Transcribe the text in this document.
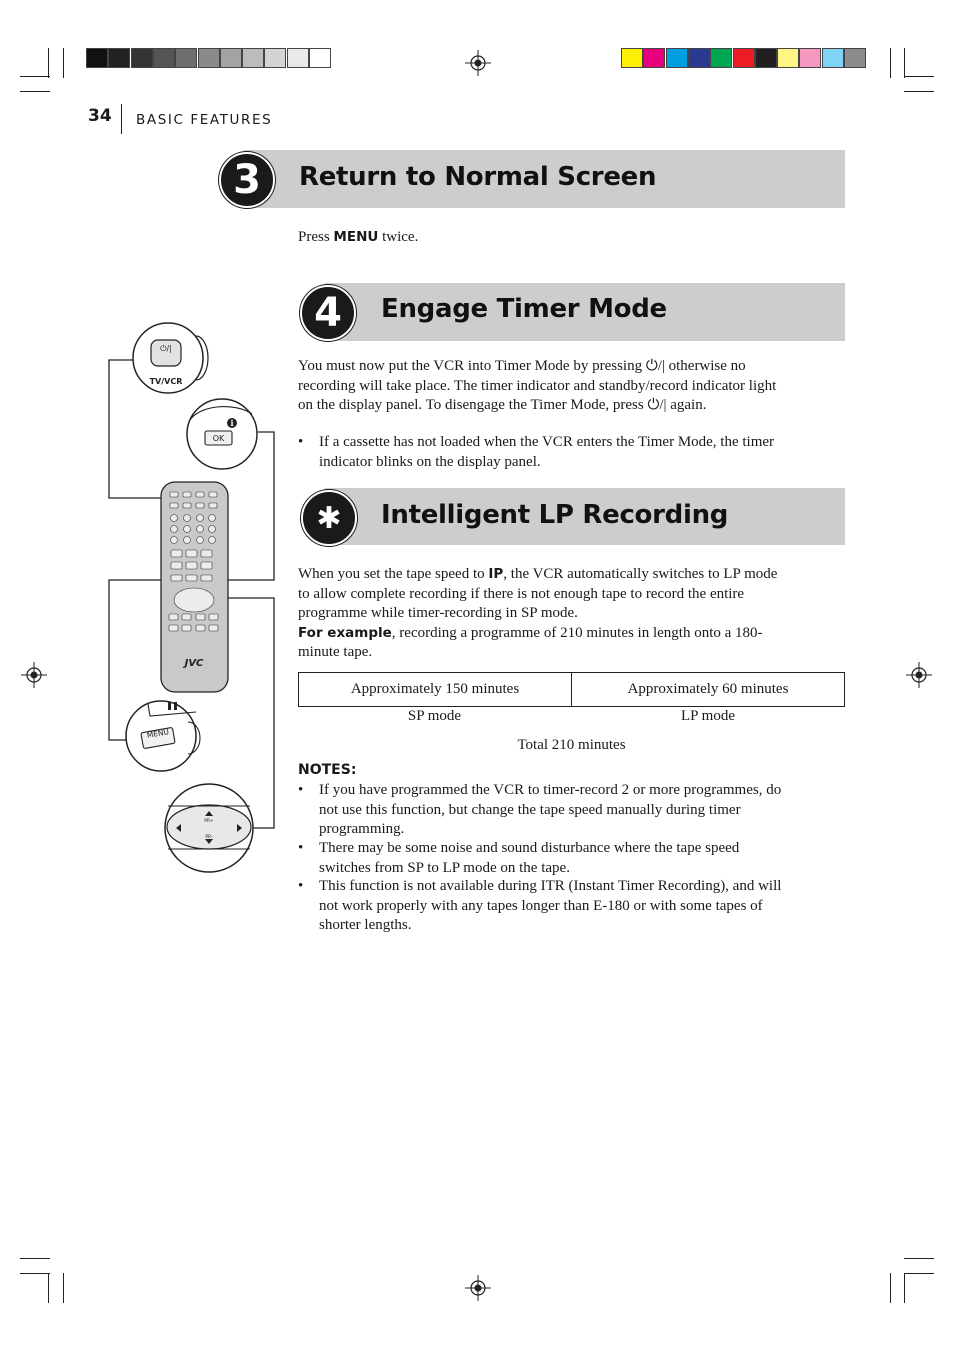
34 BASIC FEATURES
3	Return to Normal Screen
Press MENU twice.
4	Engage Timer Mode
You must now put the VCR into Timer Mode by pressing ⏻/| otherwise no
recording will take place. The timer indicator and standby/record indicator light
on the display panel. To disengage the Timer Mode, press ⏻/| again.
• If a cassette has not loaded when the VCR enters the Timer Mode, the timer
indicator blinks on the display panel.
✱	Intelligent LP Recording
When you set the tape speed to IP, the VCR automatically switches to LP mode
to allow complete recording if there is not enough tape to record the entire
programme while timer-recording in SP mode.
For example, recording a programme of 210 minutes in length onto a 180-
minute tape.
Approximately 150 minutes	Approximately 60 minutes
SP mode	LP mode
Total 210 minutes
NOTES:
• If you have programmed the VCR to timer-record 2 or more programmes, do
not use this function, but change the tape speed manually during timer
programming.
• There may be some noise and sound disturbance where the tape speed
switches from SP to LP mode on the tape.
• This function is not available during ITR (Instant Timer Recording), and will
not work properly with any tapes longer than E-180 or with some tapes of
shorter lengths.
JVC
⏻/|
TV/VCR
i
OK
MENU
PR+
PR-
